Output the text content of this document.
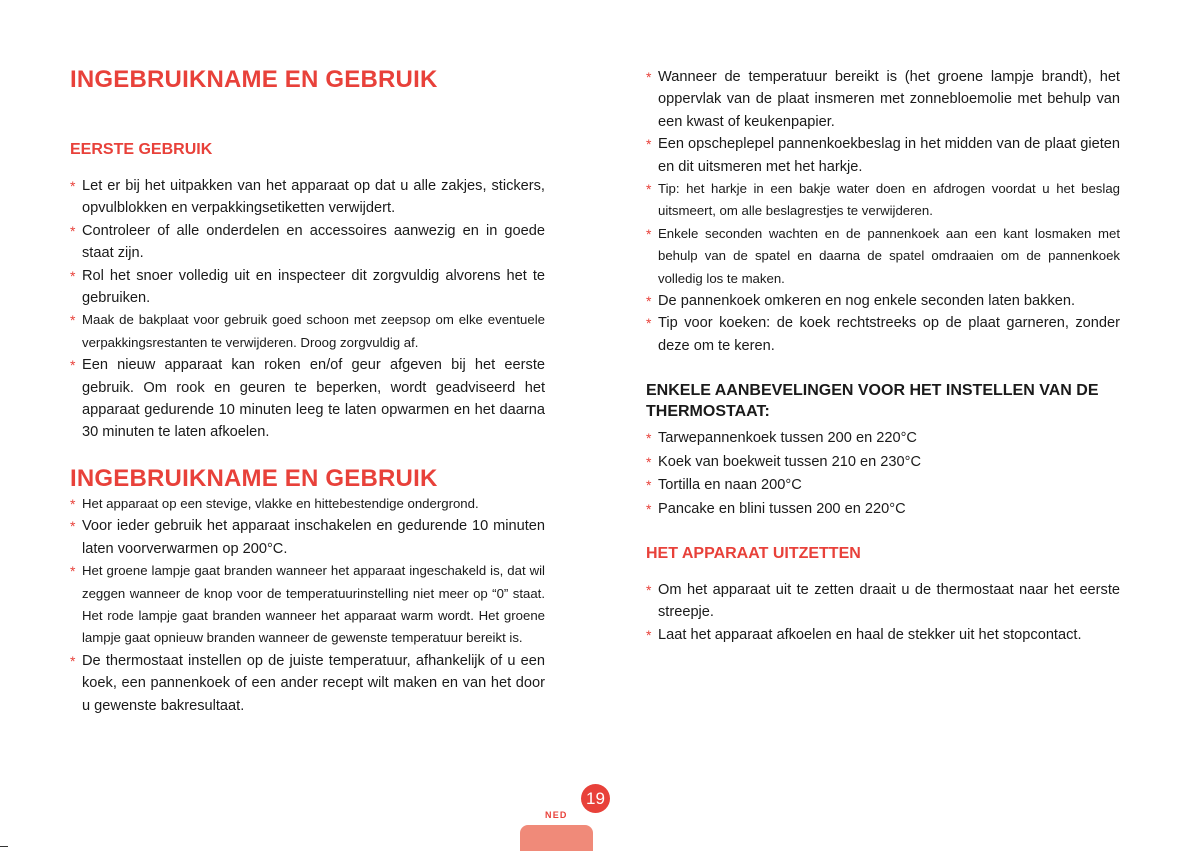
INGEBRUIKNAME EN GEBRUIK
EERSTE GEBRUIK
* Let er bij het uitpakken van het apparaat op dat u alle zakjes, stickers, opvulblokken en verpakkingsetiketten verwijdert.
* Controleer of alle onderdelen en accessoires aanwezig en in goede staat zijn.
* Rol het snoer volledig uit en inspecteer dit zorgvuldig alvorens het te gebruiken.
* Maak de bakplaat voor gebruik goed schoon met zeepsop om elke eventuele verpakkingsrestanten te verwijderen. Droog zorgvuldig af.
* Een nieuw apparaat kan roken en/of geur afgeven bij het eerste gebruik. Om rook en geuren te beperken, wordt geadviseerd het apparaat gedurende 10 minuten leeg te laten opwarmen en het daarna 30 minuten te laten afkoelen.
INGEBRUIKNAME EN GEBRUIK
* Het apparaat op een stevige, vlakke en hittebestendige ondergrond.
* Voor ieder gebruik het apparaat inschakelen en gedurende 10 minuten laten voorverwarmen op 200°C.
* Het groene lampje gaat branden wanneer het apparaat ingeschakeld is, dat wil zeggen wanneer de knop voor de temperatuurinstelling niet meer op “0” staat. Het rode lampje gaat branden wanneer het apparaat warm wordt. Het groene lampje gaat opnieuw branden wanneer de gewenste temperatuur bereikt is.
* De thermostaat instellen op de juiste temperatuur, afhankelijk of u een koek, een pannenkoek of een ander recept wilt maken en van het door u gewenste bakresultaat.
* Wanneer de temperatuur bereikt is (het groene lampje brandt), het oppervlak van de plaat insmeren met zonnebloemolie met behulp van een kwast of keukenpapier.
* Een opscheplepel pannenkoekbeslag in het midden van de plaat gieten en dit uitsmeren met het harkje.
* Tip: het harkje in een bakje water doen en afdrogen voordat u het beslag uitsmeert, om alle beslagrestjes te verwijderen.
* Enkele seconden wachten en de pannenkoek aan een kant losmaken met behulp van de spatel en daarna de spatel omdraaien om de pannenkoek volledig los te maken.
* De pannenkoek omkeren en nog enkele seconden laten bakken.
* Tip voor koeken: de koek rechtstreeks op de plaat garneren, zonder deze om te keren.
ENKELE AANBEVELINGEN VOOR HET INSTELLEN VAN DE THERMOSTAAT:
* Tarwepannenkoek tussen 200 en 220°C
* Koek van boekweit tussen 210 en 230°C
* Tortilla en naan 200°C
* Pancake en blini tussen 200 en 220°C
HET APPARAAT UITZETTEN
* Om het apparaat uit te zetten draait u de thermostaat naar het eerste streepje.
* Laat het apparaat afkoelen en haal de stekker uit het stopcontact.
19
NED
